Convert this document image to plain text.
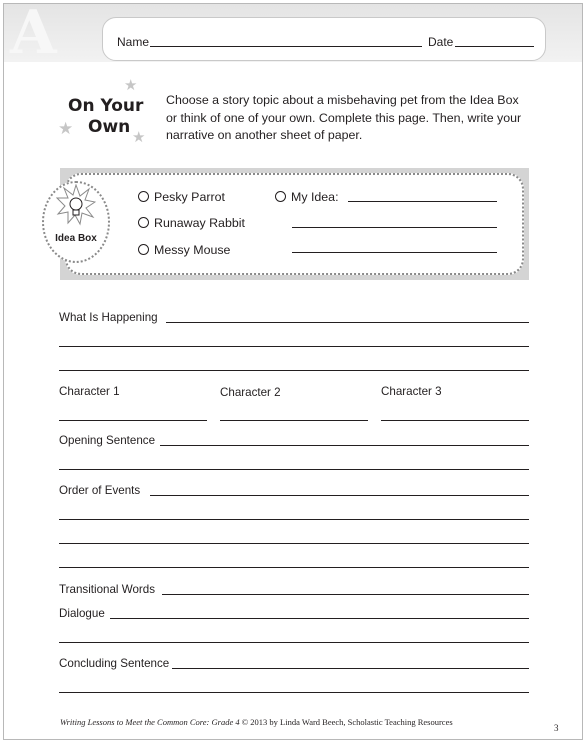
A	Name	Date
★
★	★
On Your
Own
Choose a story topic about a misbehaving pet from the Idea Box or think of one of your own. Complete this page. Then, write your narrative on another sheet of paper.
Idea Box
Pesky Parrot
Runaway Rabbit
Messy Mouse
My Idea:
What Is Happening
Character 1	Character 2	Character 3
Opening Sentence
Order of Events
Transitional Words
Dialogue
Concluding Sentence
Writing Lessons to Meet the Common Core: Grade 4 © 2013 by Linda Ward Beech, Scholastic Teaching Resources
3
